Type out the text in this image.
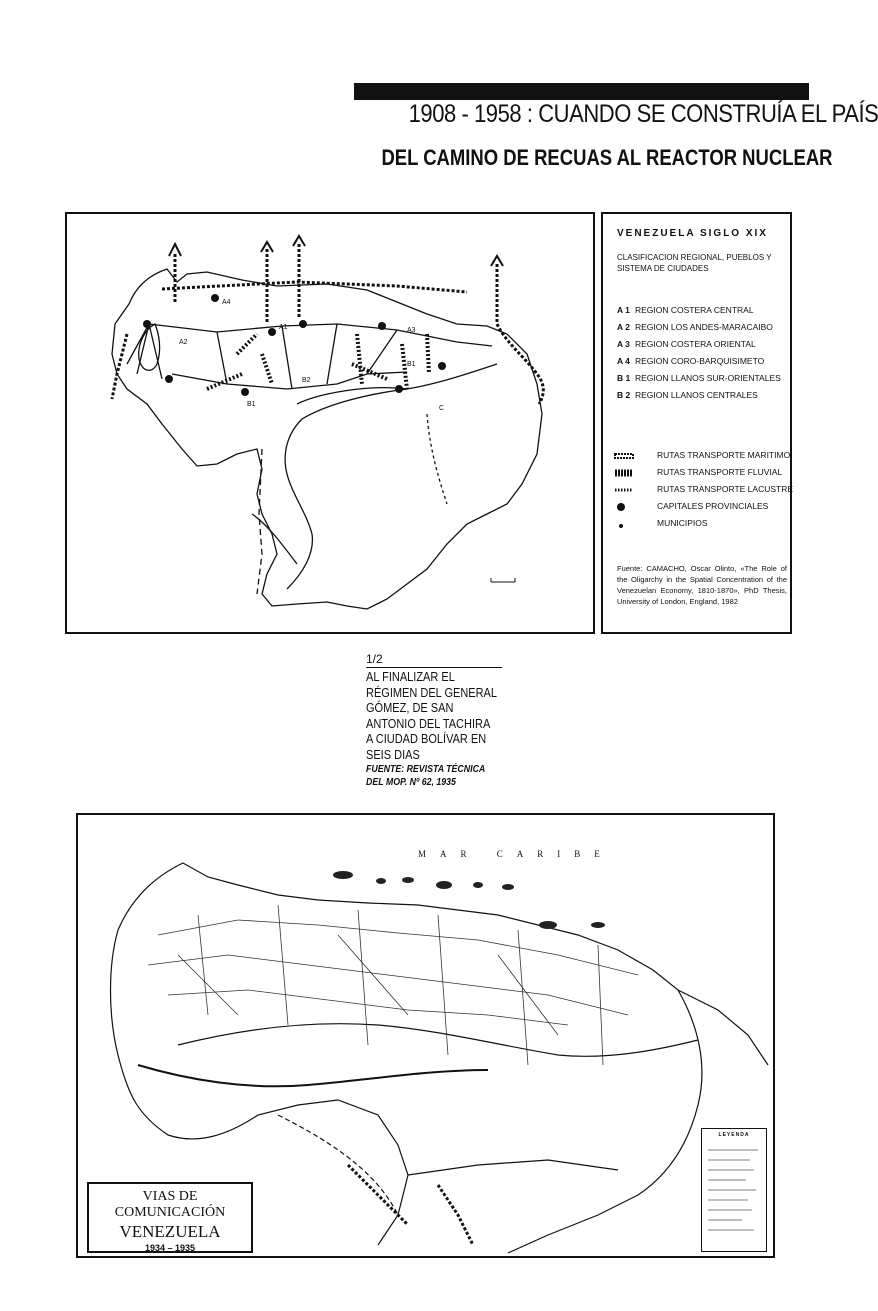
1908 - 1958 : CUANDO SE CONSTRUÍA EL PAÍS
DEL CAMINO DE RECUAS AL REACTOR NUCLEAR
A1
A2
A3
A4
B1
B1
B2
C
VENEZUELA SIGLO XIX
CLASIFICACION REGIONAL, PUEBLOS Y SISTEMA DE CIUDADES
A 1 REGION COSTERA CENTRAL
A 2 REGION LOS ANDES-MARACAIBO
A 3 REGION COSTERA ORIENTAL
A 4 REGION CORO-BARQUISIMETO
B 1 REGION LLANOS SUR-ORIENTALES
B 2 REGION LLANOS CENTRALES
RUTAS TRANSPORTE MARITIMO
RUTAS TRANSPORTE FLUVIAL
RUTAS TRANSPORTE LACUSTRE
CAPITALES PROVINCIALES
MUNICIPIOS
Fuente: CAMACHO, Oscar Olinto, «The Role of the Oligarchy in the Spatial Concentration of the Venezuelan Economy, 1810-1870», PhD Thesis, University of London, England, 1982
1/2
AL FINALIZAR EL RÉGIMEN DEL GENERAL GÓMEZ, DE SAN ANTONIO DEL TACHIRA A CIUDAD BOLÍVAR EN SEIS DIAS
FUENTE: REVISTA TÉCNICA DEL MOP. Nº 62, 1935
MAR CARIBE
VIAS DE COMUNICACIÓN
VENEZUELA
1934 – 1935
LEYENDA
